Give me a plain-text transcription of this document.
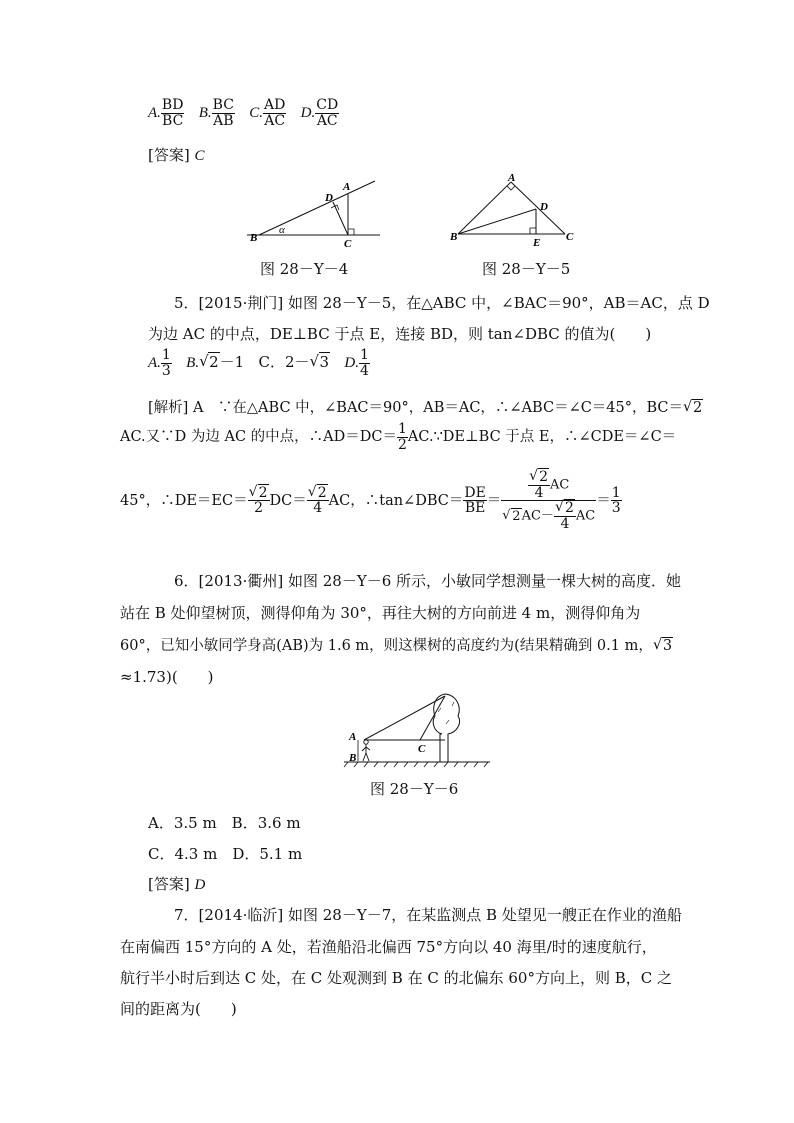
A. $\frac{BD}{BC} B$. $\frac{BC}{AB} C$. $\frac{AD}{AC} D$. $\frac{CD}{AC}$
[答案] C
A
D
B
α
C
A
D
B	E C
图 28－Y－4	图 28－Y－5
5．[2015·荆门] 如图 28－Y－5，在△ABC 中，∠BAC＝90°，AB＝AC，点 D
为边 AC 的中点，DE⊥BC 于点 E，连接 BD，则 tan∠DBC 的值为(　　)
A. $\frac{1}{3} B.√$ 2－1 C．2－√ 3 D. $\frac{1}{4}$
[解析] A　∵在△ABC 中，∠BAC＝90°，AB＝AC，∴∠ABC＝∠C＝45°，BC＝√ 2
AC.又∵D 为边 AC 的中点，∴AD＝DC＝ $\frac{1}{2}$ AC.∵DE⊥BC 于点 E，∴∠CDE＝∠C＝
45°，∴DE＝EC＝
√ $\frac{2}{2} DC=$
√ $\frac{2}{4}$ AC，∴tan∠DBC＝ $\frac{DE}{BE}$ ＝
√ $\frac{2}{4}$ AC
√ 2AC－
√ $\frac{2}{4}$ AC ＝ $\frac{1}{3}$
6．[2013·衢州] 如图 28－Y－6 所示，小敏同学想测量一棵大树的高度．她
站在 B 处仰望树顶，测得仰角为 30°，再往大树的方向前进 4 m，测得仰角为
60°，已知小敏同学身高(AB)为 1.6 m，则这棵树的高度约为(结果精确到 0.1 m，√ 3
≈1.73)(　　)
A
B
C
图 28－Y－6
A．3.5 m　B．3.6 m
C．4.3 m　D．5.1 m
[答案] D
7．[2014·临沂] 如图 28－Y－7，在某监测点 B 处望见一艘正在作业的渔船
在南偏西 15°方向的 A 处，若渔船沿北偏西 75°方向以 40 海里/时的速度航行，
航行半小时后到达 C 处，在 C 处观测到 B 在 C 的北偏东 60°方向上，则 B，C 之
间的距离为(　　)
